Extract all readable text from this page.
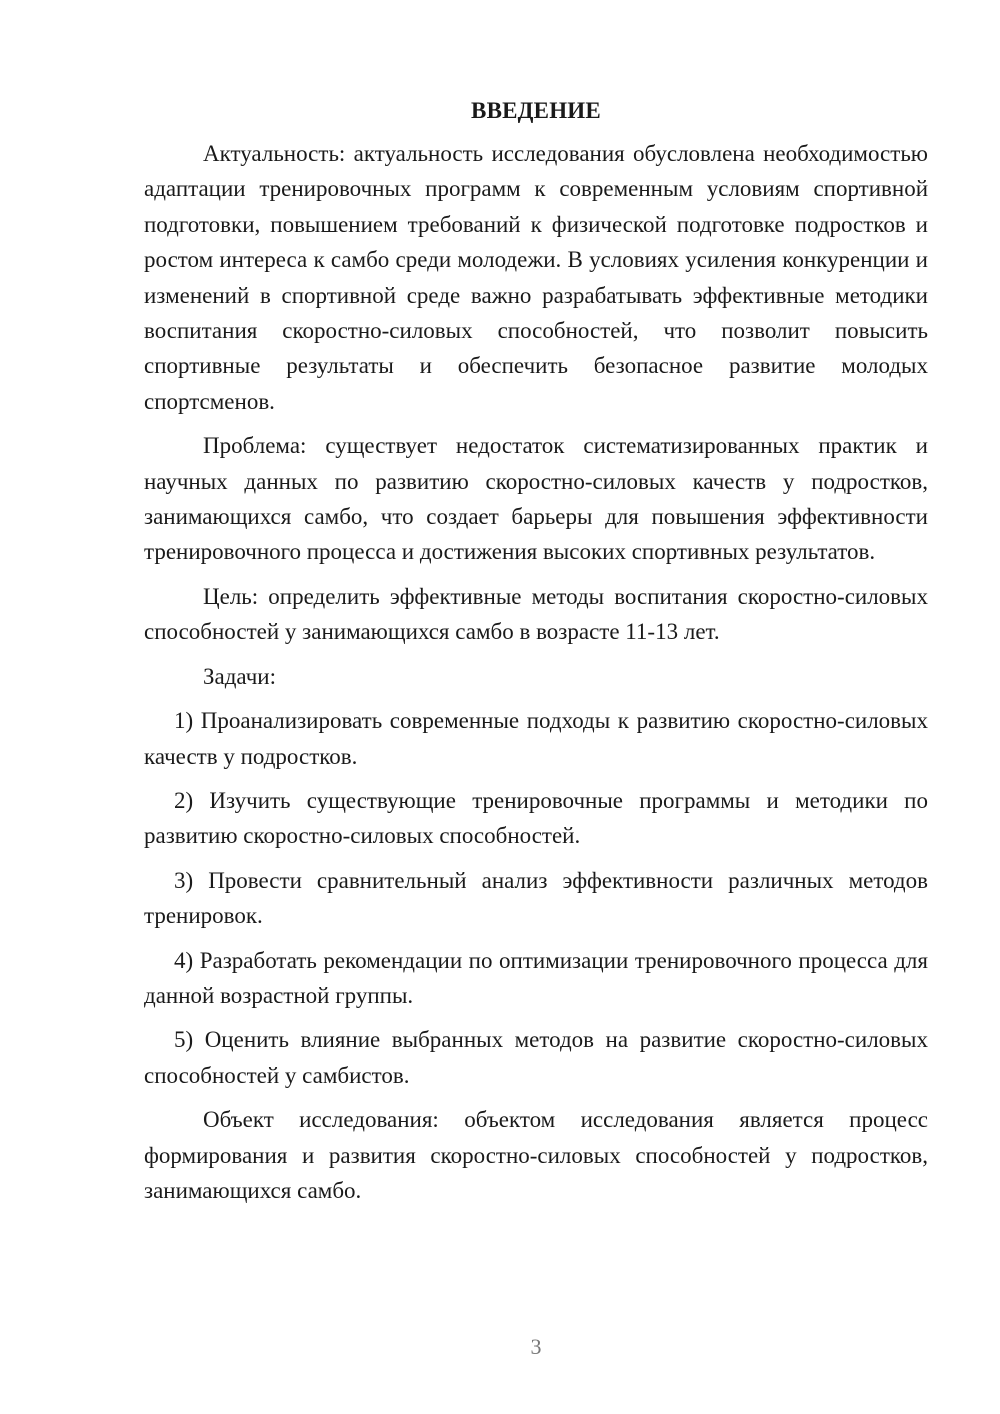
ВВЕДЕНИЕ

Актуальность: актуальность исследования обусловлена необходимостью адаптации тренировочных программ к современным условиям спортивной подготовки, повышением требований к физической подготовке подростков и ростом интереса к самбо среди молодежи. В условиях усиления конкуренции и изменений в спортивной среде важно разрабатывать эффективные методики воспитания скоростно-силовых способностей, что позволит повысить спортивные результаты и обеспечить безопасное развитие молодых спортсменов.

Проблема: существует недостаток систематизированных практик и научных данных по развитию скоростно-силовых качеств у подростков, занимающихся самбо, что создает барьеры для повышения эффективности тренировочного процесса и достижения высоких спортивных результатов.

Цель: определить эффективные методы воспитания скоростно-силовых способностей у занимающихся самбо в возрасте 11-13 лет.

Задачи:

1) Проанализировать современные подходы к развитию скоростно-силовых качеств у подростков.

2) Изучить существующие тренировочные программы и методики по развитию скоростно-силовых способностей.

3) Провести сравнительный анализ эффективности различных методов тренировок.

4) Разработать рекомендации по оптимизации тренировочного процесса для данной возрастной группы.

5) Оценить влияние выбранных методов на развитие скоростно-силовых способностей у самбистов.

Объект исследования: объектом исследования является процесс формирования и развития скоростно-силовых способностей у подростков, занимающихся самбо.

3
